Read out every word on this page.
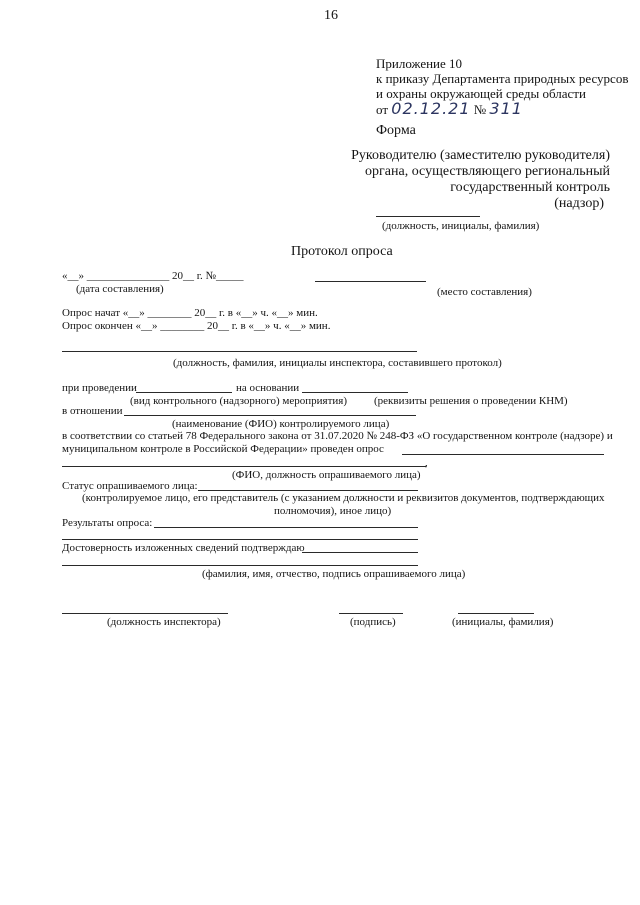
16
Приложение 10
к приказу Департамента природных ресурсов
и охраны окружающей среды области
от 02.12.21 № 311
Форма
Руководителю (заместителю руководителя)
органа, осуществляющего региональный
государственный контроль
(надзор)
(должность, инициалы, фамилия)
Протокол опроса
«__» _______________ 20__ г. №_____
(дата составления)	(место составления)
Опрос начат «__» ________ 20__ г. в «__» ч. «__» мин.
Опрос окончен «__» ________ 20__ г. в «__» ч. «__» мин.
(должность, фамилия, инициалы инспектора, составившего протокол)
при проведении	на основании
(вид контрольного (надзорного) мероприятия) (реквизиты решения о проведении КНМ)
в отношении
(наименование (ФИО) контролируемого лица)
в соответствии со статьей 78 Федерального закона от 31.07.2020 № 248-ФЗ «О государственном контроле (надзоре) и
муниципальном контроле в Российской Федерации» проведен опрос
,
(ФИО, должность опрашиваемого лица)
Статус опрашиваемого лица:
(контролируемое лицо, его представитель (с указанием должности и реквизитов документов, подтверждающих
полномочия), иное лицо)
Результаты опроса:
Достоверность изложенных сведений подтверждаю
(фамилия, имя, отчество, подпись опрашиваемого лица)
(должность инспектора)	(подпись)	(инициалы, фамилия)
